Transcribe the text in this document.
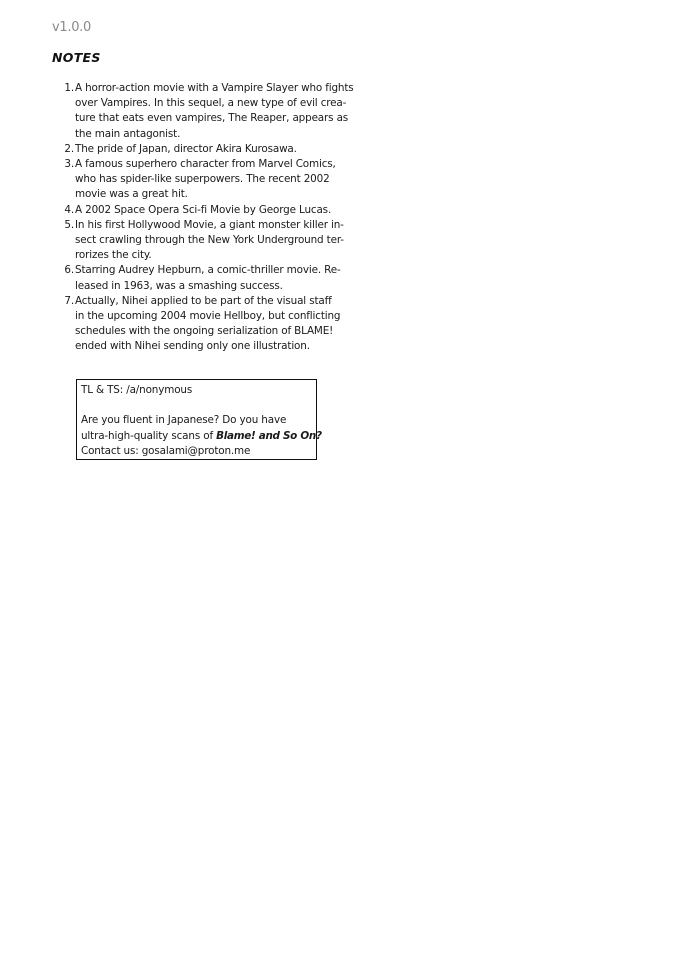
v1.0.0
NOTES
1. A horror-action movie with a Vampire Slayer who fights
over Vampires. In this sequel, a new type of evil crea-
ture that eats even vampires, The Reaper, appears as
the main antagonist.
2. The pride of Japan, director Akira Kurosawa.
3. A famous superhero character from Marvel Comics,
who has spider-like superpowers. The recent 2002
movie was a great hit.
4. A 2002 Space Opera Sci-fi Movie by George Lucas.
5. In his first Hollywood Movie, a giant monster killer in-
sect crawling through the New York Underground ter-
rorizes the city.
6. Starring Audrey Hepburn, a comic-thriller movie. Re-
leased in 1963, was a smashing success.
7. Actually, Nihei applied to be part of the visual staff
in the upcoming 2004 movie Hellboy, but conflicting
schedules with the ongoing serialization of BLAME!
ended with Nihei sending only one illustration.
TL & TS: /a/nonymous
Are you fluent in Japanese? Do you have
ultra-high-quality scans of Blame! and So On?
Contact us: gosalami@proton.me
